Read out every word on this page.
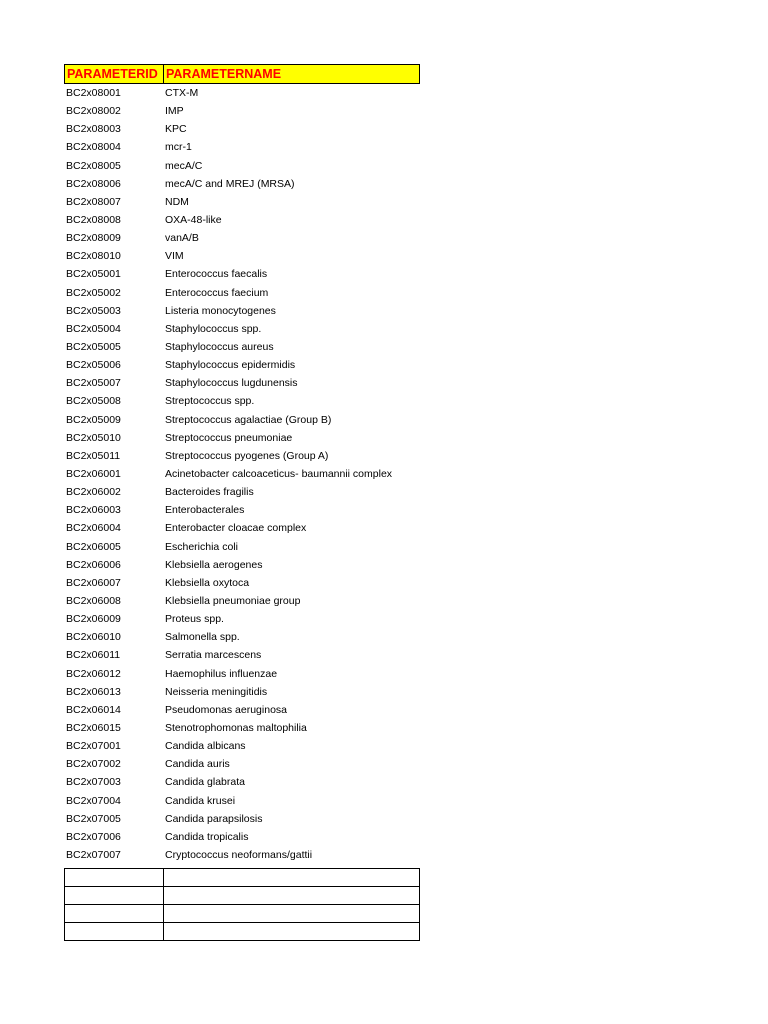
PARAMETERID PARAMETERNAME
BC2x08001	CTX-M
BC2x08002	IMP
BC2x08003	KPC
BC2x08004	mcr-1
BC2x08005	mecA/C
BC2x08006	mecA/C and MREJ (MRSA)
BC2x08007	NDM
BC2x08008	OXA-48-like
BC2x08009	vanA/B
BC2x08010	VIM
BC2x05001	Enterococcus faecalis
BC2x05002	Enterococcus faecium
BC2x05003	Listeria monocytogenes
BC2x05004	Staphylococcus spp.
BC2x05005	Staphylococcus aureus
BC2x05006	Staphylococcus epidermidis
BC2x05007	Staphylococcus lugdunensis
BC2x05008	Streptococcus spp.
BC2x05009	Streptococcus agalactiae (Group B)
BC2x05010	Streptococcus pneumoniae
BC2x05011	Streptococcus pyogenes (Group A)
BC2x06001	Acinetobacter calcoaceticus- baumannii complex
BC2x06002	Bacteroides fragilis
BC2x06003	Enterobacterales
BC2x06004	Enterobacter cloacae complex
BC2x06005	Escherichia coli
BC2x06006	Klebsiella aerogenes
BC2x06007	Klebsiella oxytoca
BC2x06008	Klebsiella pneumoniae group
BC2x06009	Proteus spp.
BC2x06010	Salmonella spp.
BC2x06011	Serratia marcescens
BC2x06012	Haemophilus influenzae
BC2x06013	Neisseria meningitidis
BC2x06014	Pseudomonas aeruginosa
BC2x06015	Stenotrophomonas maltophilia
BC2x07001	Candida albicans
BC2x07002	Candida auris
BC2x07003	Candida glabrata
BC2x07004	Candida krusei
BC2x07005	Candida parapsilosis
BC2x07006	Candida tropicalis
BC2x07007	Cryptococcus neoformans/gattii
